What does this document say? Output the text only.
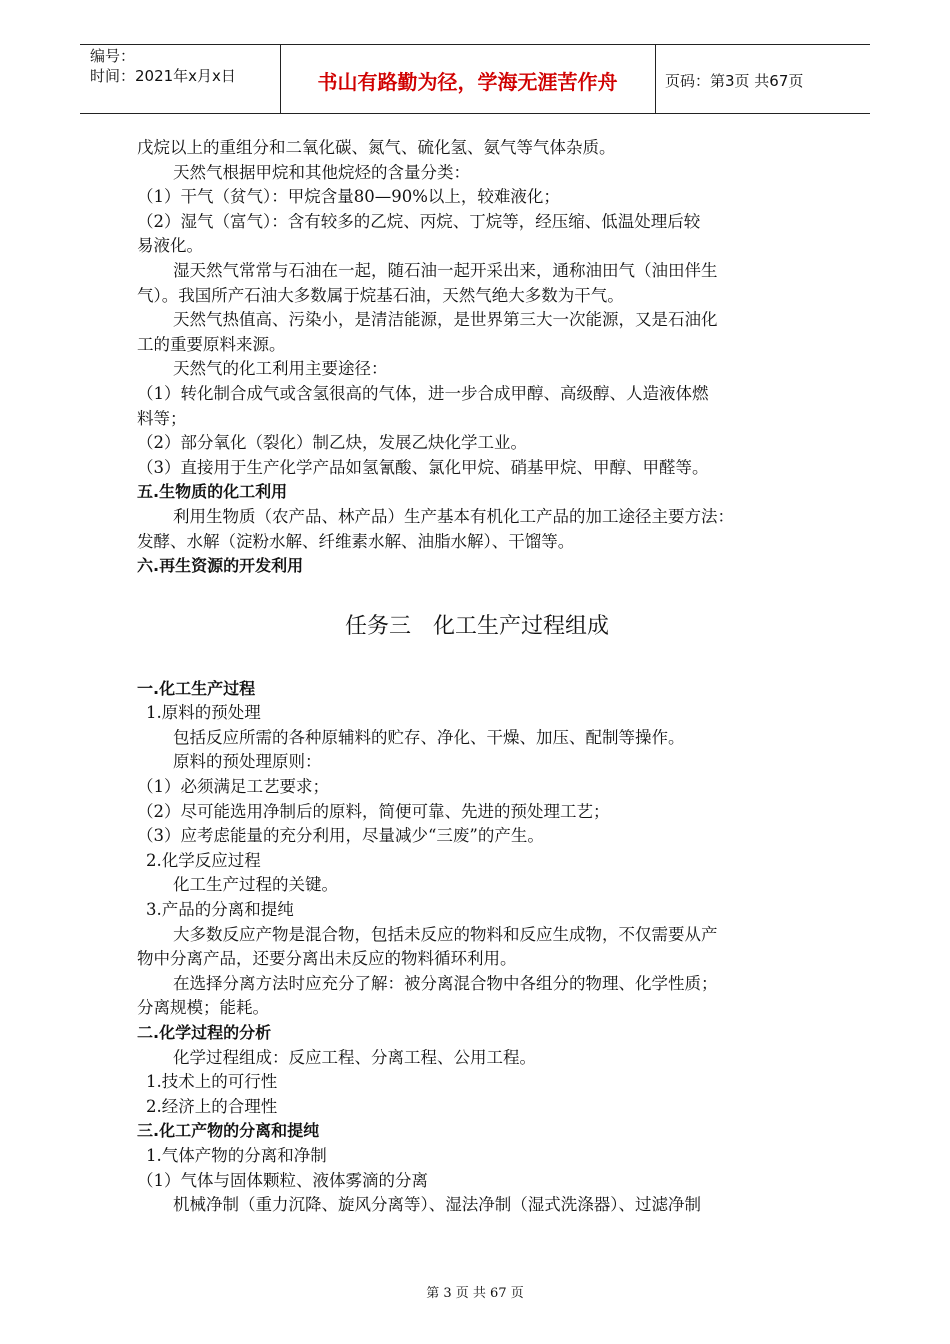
编号：
时间：2021年x月x日	书山有路勤为径，学海无涯苦作舟	页码：第3页 共67页
戊烷以上的重组分和二氧化碳、氮气、硫化氢、氨气等气体杂质。
天然气根据甲烷和其他烷烃的含量分类：
（1）干气（贫气）：甲烷含量80—90%以上，较难液化；
（2）湿气（富气）：含有较多的乙烷、丙烷、丁烷等，经压缩、低温处理后较
易液化。
湿天然气常常与石油在一起，随石油一起开采出来，通称油田气（油田伴生
气）。我国所产石油大多数属于烷基石油，天然气绝大多数为干气。
天然气热值高、污染小，是清洁能源，是世界第三大一次能源，又是石油化
工的重要原料来源。
天然气的化工利用主要途径：
（1）转化制合成气或含氢很高的气体，进一步合成甲醇、高级醇、人造液体燃
料等；
（2）部分氧化（裂化）制乙炔，发展乙炔化学工业。
（3）直接用于生产化学产品如氢氰酸、氯化甲烷、硝基甲烷、甲醇、甲醛等。
五.生物质的化工利用
利用生物质（农产品、林产品）生产基本有机化工产品的加工途径主要方法：
发酵、水解（淀粉水解、纤维素水解、油脂水解）、干馏等。
六.再生资源的开发利用
任务三　化工生产过程组成
一.化工生产过程
1.原料的预处理
包括反应所需的各种原辅料的贮存、净化、干燥、加压、配制等操作。
原料的预处理原则：
（1）必须满足工艺要求；
（2）尽可能选用净制后的原料，简便可靠、先进的预处理工艺；
（3）应考虑能量的充分利用，尽量减少“三废”的产生。
2.化学反应过程
化工生产过程的关键。
3.产品的分离和提纯
大多数反应产物是混合物，包括未反应的物料和反应生成物，不仅需要从产
物中分离产品，还要分离出未反应的物料循环利用。
在选择分离方法时应充分了解：被分离混合物中各组分的物理、化学性质；
分离规模；能耗。
二.化学过程的分析
化学过程组成：反应工程、分离工程、公用工程。
1.技术上的可行性
2.经济上的合理性
三.化工产物的分离和提纯
1.气体产物的分离和净制
（1）气体与固体颗粒、液体雾滴的分离
机械净制（重力沉降、旋风分离等）、湿法净制（湿式洗涤器）、过滤净制
第 3 页 共 67 页
